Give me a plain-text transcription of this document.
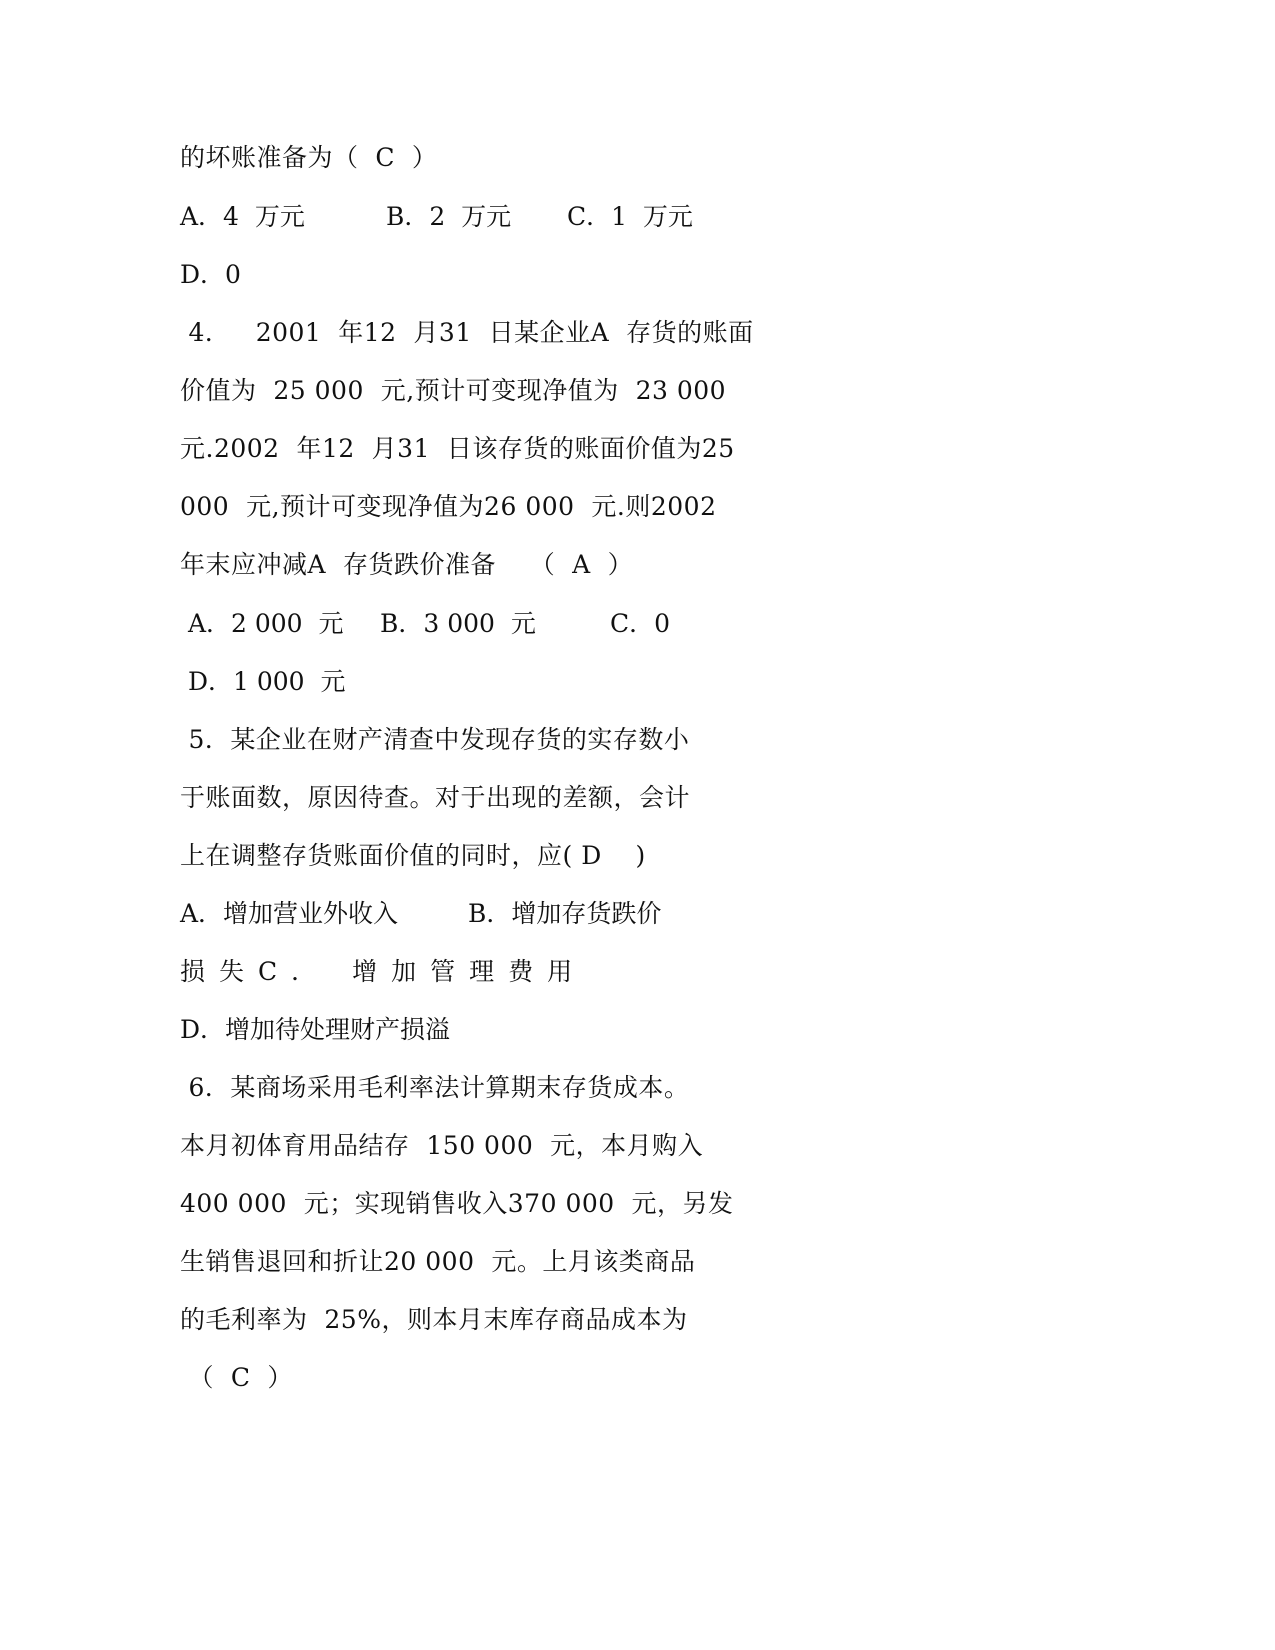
的坏账准备为（  C  ）
A．4  万元	B．2  万元 C．1  万元
D．0
4．   2001  年12  月31  日某企业A  存货的账面
价值为  25 000  元,预计可变现净值为  23 000
元.2002  年12  月31  日该存货的账面价值为25
000  元,预计可变现净值为26 000  元.则2002
年末应冲减A  存货跌价准备    （  A  ）
A．2 000  元 B．3 000  元	C．0
D．1 000  元
5．某企业在财产清查中发现存货的实存数小
于账面数，原因待查。对于出现的差额，会计
上在调整存货账面价值的同时，应( D    )
A．增加营业外收入	B．增加存货跌价
损失C． 增加管理费用
D．增加待处理财产损溢
6．某商场采用毛利率法计算期末存货成本。
本月初体育用品结存  150 000  元，本月购入
400 000  元；实现销售收入370 000  元，另发
生销售退回和折让20 000  元。上月该类商品
的毛利率为  25%，则本月末库存商品成本为
（  C  ）
